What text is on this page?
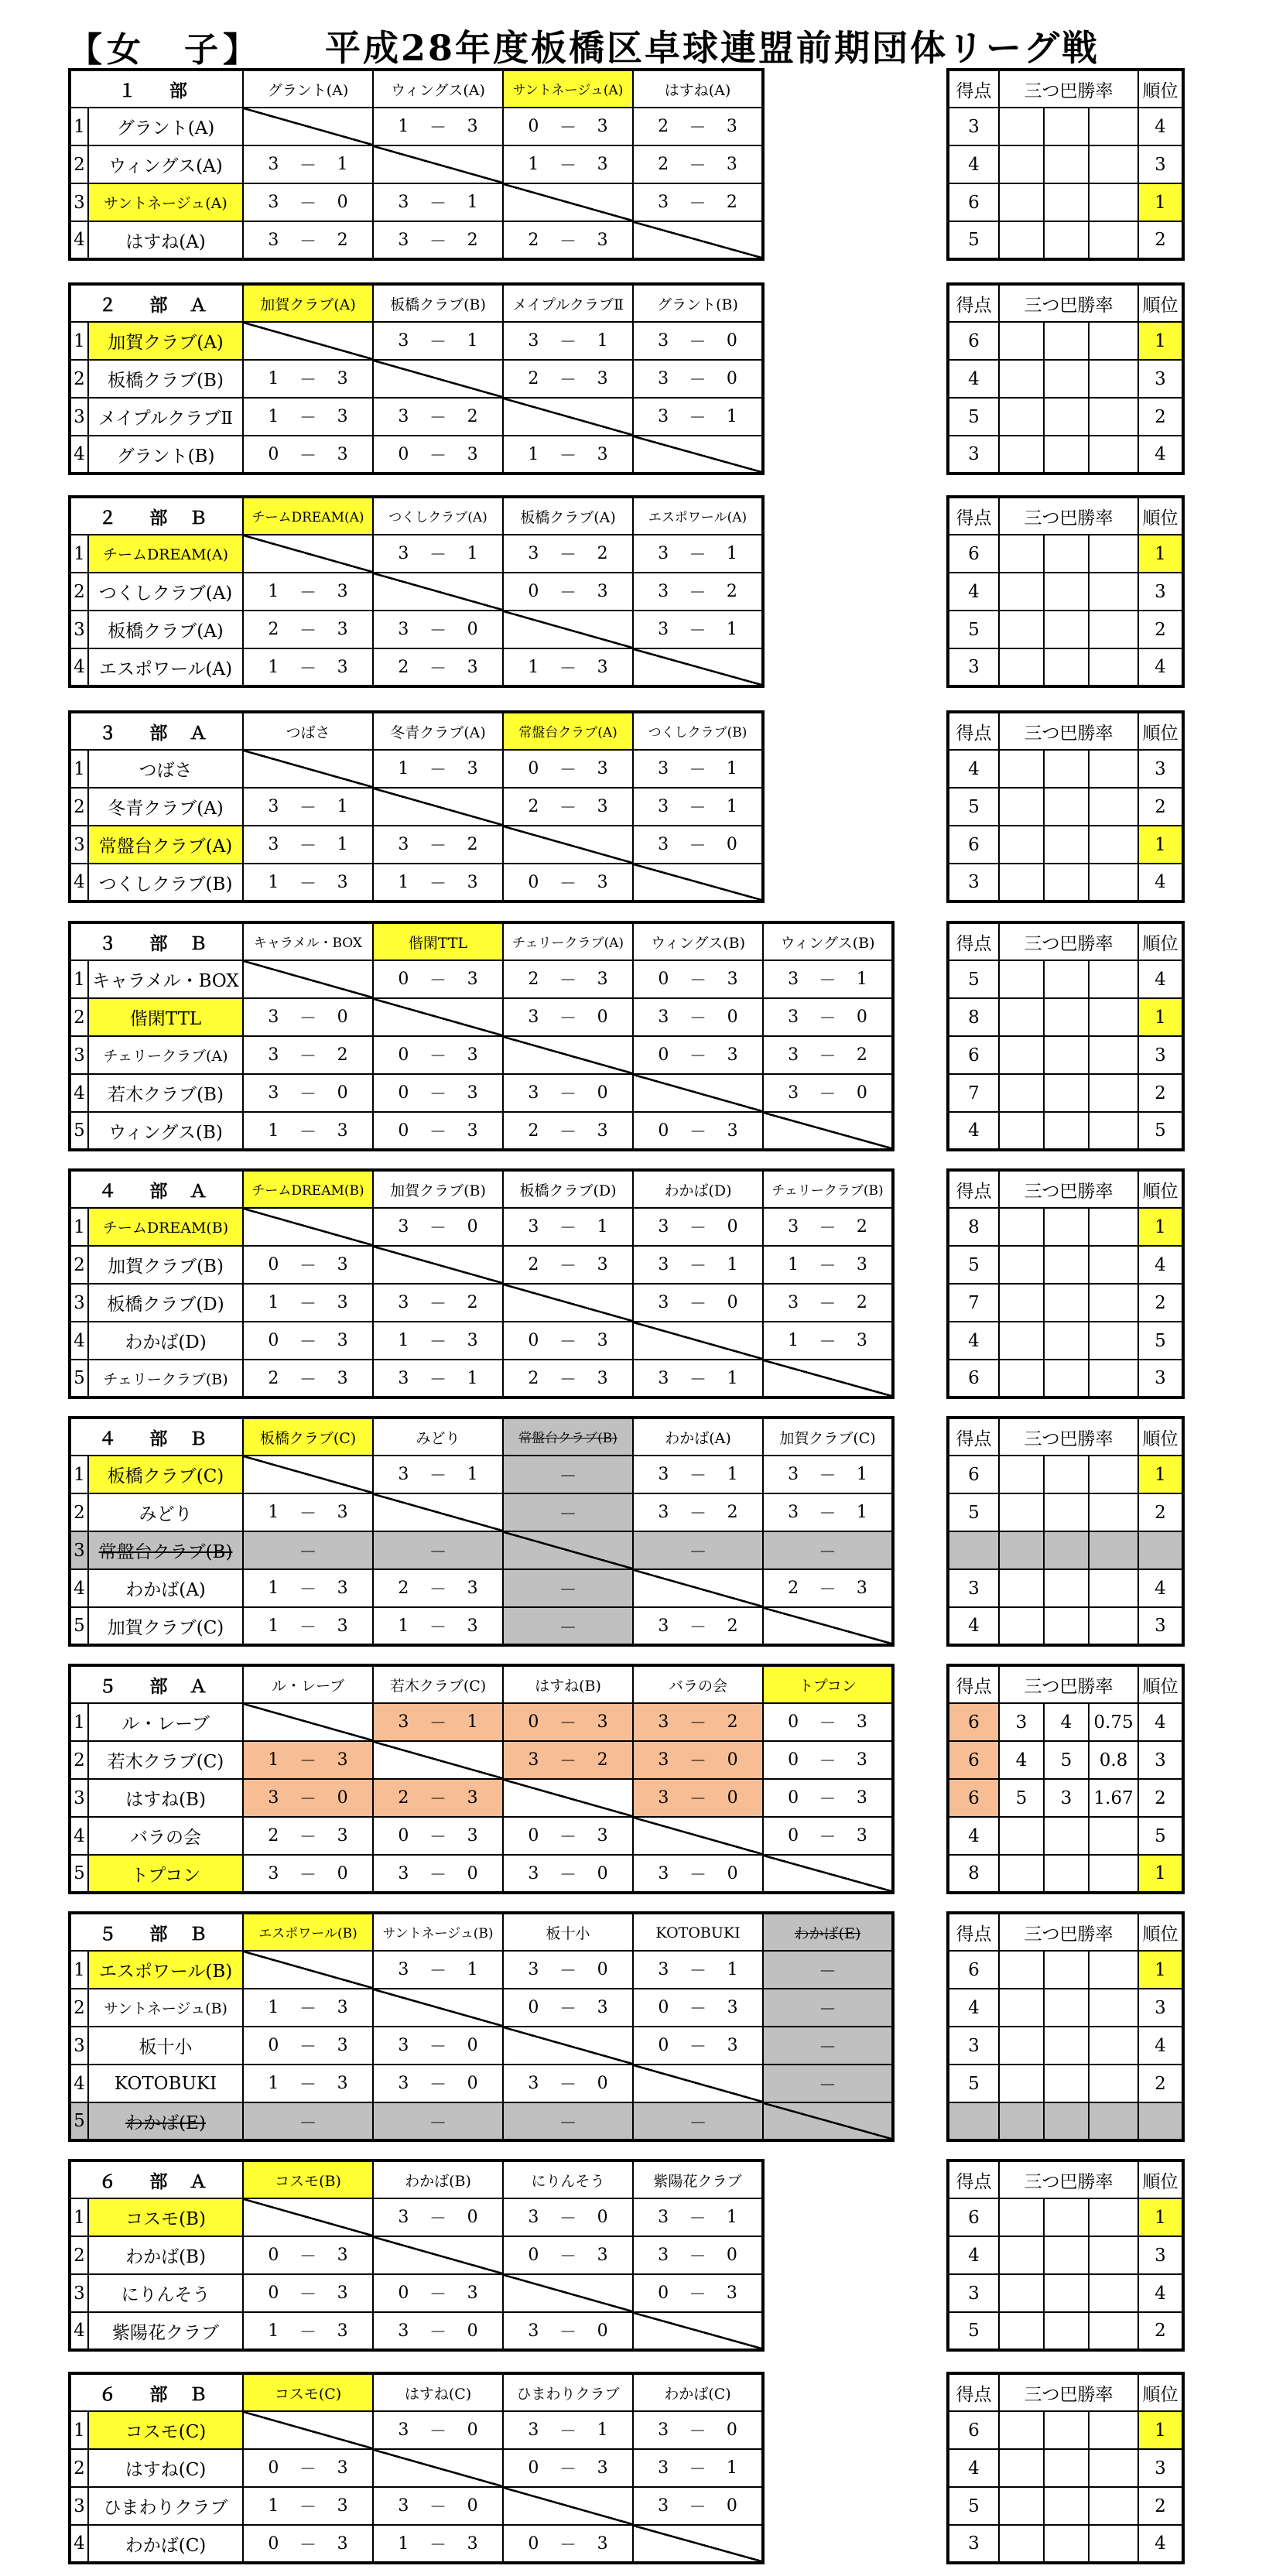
【女　子】 平成28年度板橋区卓球連盟前期団体リーグ戦
１　部		グラント(A)	ウィングス(A)	サントネージュ(A)	はすね(A)
1	グラント(A)		1 － 3	0 － 3	2 － 3

2	ウィングス(A)	3 － 1		1 － 3	2 － 3

3	サントネージュ(A)	3 － 0	3 － 1		3 － 2

4	はすね(A)	3 － 2	3 － 2	2 － 3	

得点	三つ巴勝率			順位
3				4
4				3
6				1
5				2
２　部 Ａ		加賀クラブ(A)	板橋クラブ(B)	メイプルクラブⅡ	グラント(B)
1	加賀クラブ(A)		3 － 1	3 － 1	3 － 0

2	板橋クラブ(B)	1 － 3		2 － 3	3 － 0

3	メイプルクラブⅡ	1 － 3	3 － 2		3 － 1

4	グラント(B)	0 － 3	0 － 3	1 － 3	

得点	三つ巴勝率			順位
6				1
4				3
5				2
3				4
２　部 Ｂ		チームDREAM(A)	つくしクラブ(A)	板橋クラブ(A)	エスポワール(A)
1	チームDREAM(A)		3 － 1	3 － 2	3 － 1

2	つくしクラブ(A)	1 － 3		0 － 3	3 － 2

3	板橋クラブ(A)	2 － 3	3 － 0		3 － 1

4	エスポワール(A)	1 － 3	2 － 3	1 － 3	

得点	三つ巴勝率			順位
6				1
4				3
5				2
3				4
３　部 Ａ		つばさ	冬青クラブ(A)	常盤台クラブ(A)	つくしクラブ(B)
1	つばさ		1 － 3	0 － 3	3 － 1

2	冬青クラブ(A)	3 － 1		2 － 3	3 － 1

3	常盤台クラブ(A)	3 － 1	3 － 2		3 － 0

4	つくしクラブ(B)	1 － 3	1 － 3	0 － 3	

得点	三つ巴勝率			順位
4				3
5				2
6				1
3				4
３　部 Ｂ		キャラメル・BOX	偕閑TTL	チェリークラブ(A)	ウィングス(B)	ウィングス(B)
1	キャラメル・BOX		0 － 3	2 － 3	0 － 3	3 － 1

2	偕閑TTL	3 － 0		3 － 0	3 － 0	3 － 0

3	チェリークラブ(A)	3 － 2	0 － 3		0 － 3	3 － 2

4	若木クラブ(B)	3 － 0	0 － 3	3 － 0		3 － 0

5	ウィングス(B)	1 － 3	0 － 3	2 － 3	0 － 3	

得点	三つ巴勝率			順位
5				4
8				1
6				3
7				2
4				5
４　部 Ａ		チームDREAM(B)	加賀クラブ(B)	板橋クラブ(D)	わかば(D)	チェリークラブ(B)
1	チームDREAM(B)		3 － 0	3 － 1	3 － 0	3 － 2

2	加賀クラブ(B)	0 － 3		2 － 3	3 － 1	1 － 3

3	板橋クラブ(D)	1 － 3	3 － 2		3 － 0	3 － 2

4	わかば(D)	0 － 3	1 － 3	0 － 3		1 － 3

5	チェリークラブ(B)	2 － 3	3 － 1	2 － 3	3 － 1	

得点	三つ巴勝率			順位
8				1
5				4
7				2
4				5
6				3
４　部 Ｂ		板橋クラブ(C)	みどり	常盤台クラブ(B)	わかば(A)	加賀クラブ(C)
1	板橋クラブ(C)		3 － 1	－	3 － 1	3 － 1

2	みどり	1 － 3		－	3 － 2	3 － 1

3	常盤台クラブ(B)	－	－		－	－
4	わかば(A)	1 － 3	2 － 3	－		2 － 3

5	加賀クラブ(C)	1 － 3	1 － 3	－	3 － 2	

得点	三つ巴勝率			順位
6				1
5				2

3				4
4				3
５　部 Ａ		ル・レーブ	若木クラブ(C)	はすね(B)	バラの会	トプコン
1	ル・レーブ		3 － 1	0 － 3	3 － 2	0 － 3

2	若木クラブ(C)	1 － 3		3 － 2	3 － 0	0 － 3

3	はすね(B)	3 － 0	2 － 3		3 － 0	0 － 3

4	バラの会	2 － 3	0 － 3	0 － 3		0 － 3

5	トプコン	3 － 0	3 － 0	3 － 0	3 － 0	

得点	三つ巴勝率			順位
6	3	4	0.75	4
6	4	5	0.8	3
6	5	3	1.67	2
4				5
8				1
５　部 Ｂ		エスポワール(B)	サントネージュ(B)	板十小	KOTOBUKI	わかば(E)
1	エスポワール(B)		3 － 1	3 － 0	3 － 1	－
2	サントネージュ(B)	1 － 3		0 － 3	0 － 3	－
3	板十小	0 － 3	3 － 0		0 － 3	－
4	KOTOBUKI	1 － 3	3 － 0	3 － 0		－
5	わかば(E)	－	－	－	－	
得点	三つ巴勝率			順位
6				1
4				3
3				4
5				2

６　部 Ａ		コスモ(B)	わかば(B)	にりんそう	紫陽花クラブ
1	コスモ(B)		3 － 0	3 － 0	3 － 1

2	わかば(B)	0 － 3		0 － 3	3 － 0

3	にりんそう	0 － 3	0 － 3		0 － 3

4	紫陽花クラブ	1 － 3	3 － 0	3 － 0	

得点	三つ巴勝率			順位
6				1
4				3
3				4
5				2
６　部 Ｂ		コスモ(C)	はすね(C)	ひまわりクラブ	わかば(C)
1	コスモ(C)		3 － 0	3 － 1	3 － 0

2	はすね(C)	0 － 3		0 － 3	3 － 1

3	ひまわりクラブ	1 － 3	3 － 0		3 － 0

4	わかば(C)	0 － 3	1 － 3	0 － 3	

得点	三つ巴勝率			順位
6				1
4				3
5				2
3				4
